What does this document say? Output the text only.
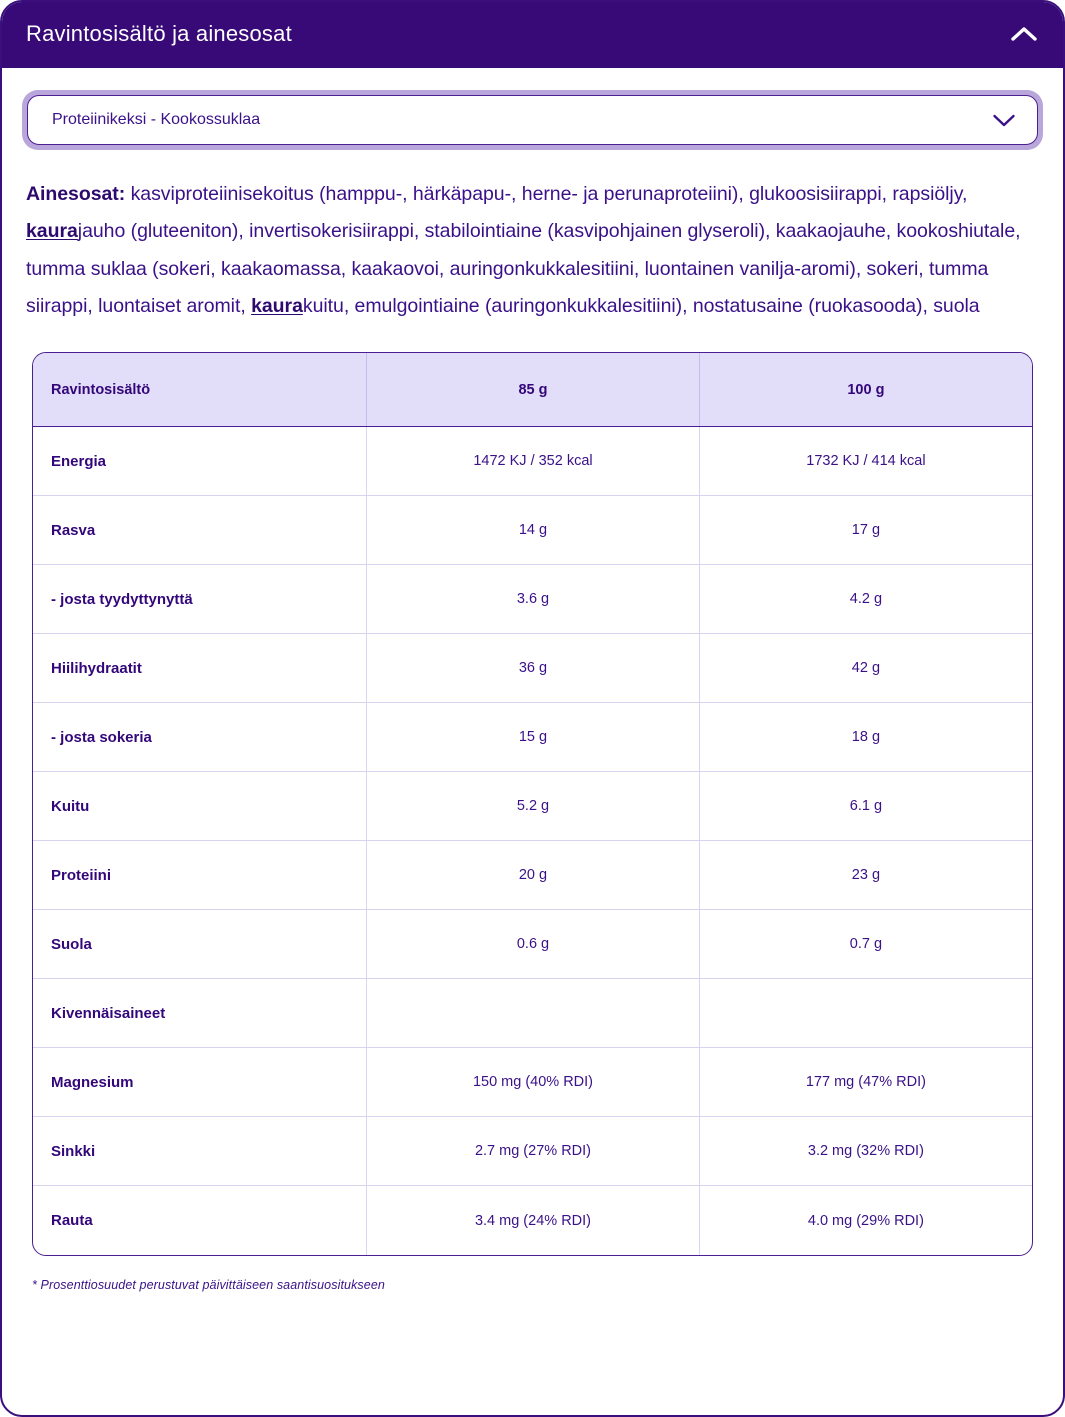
Ravintosisältö ja ainesosat
Proteiinikeksi - Kookossuklaa

Ainesosat: kasviproteiinisekoitus (hamppu-, härkäpapu-, herne- ja perunaproteiini), glukoosisiirappi, rapsiöljy, kaurajauho (gluteeniton), invertisokerisiirappi, stabilointiaine (kasvipohjainen glyseroli), kaakaojauhe, kookoshiutale, tumma suklaa (sokeri, kaakaomassa, kaakaovoi, auringonkukkalesitiini, luontainen vanilja-aromi), sokeri, tumma siirappi, luontaiset aromit, kaurakuitu, emulgointiaine (auringonkukkalesitiini), nostatusaine (ruokasooda), suola

Ravintosisältö	85 g	100 g
Energia	1472 KJ / 352 kcal	1732 KJ / 414 kcal
Rasva	14 g	17 g
- josta tyydyttynyttä	3.6 g	4.2 g
Hiilihydraatit	36 g	42 g
- josta sokeria	15 g	18 g
Kuitu	5.2 g	6.1 g
Proteiini	20 g	23 g
Suola	0.6 g	0.7 g
Kivennäisaineet		
Magnesium	150 mg (40% RDI)	177 mg (47% RDI)
Sinkki	2.7 mg (27% RDI)	3.2 mg (32% RDI)
Rauta	3.4 mg (24% RDI)	4.0 mg (29% RDI)
* Prosenttiosuudet perustuvat päivittäiseen saantisuositukseen
